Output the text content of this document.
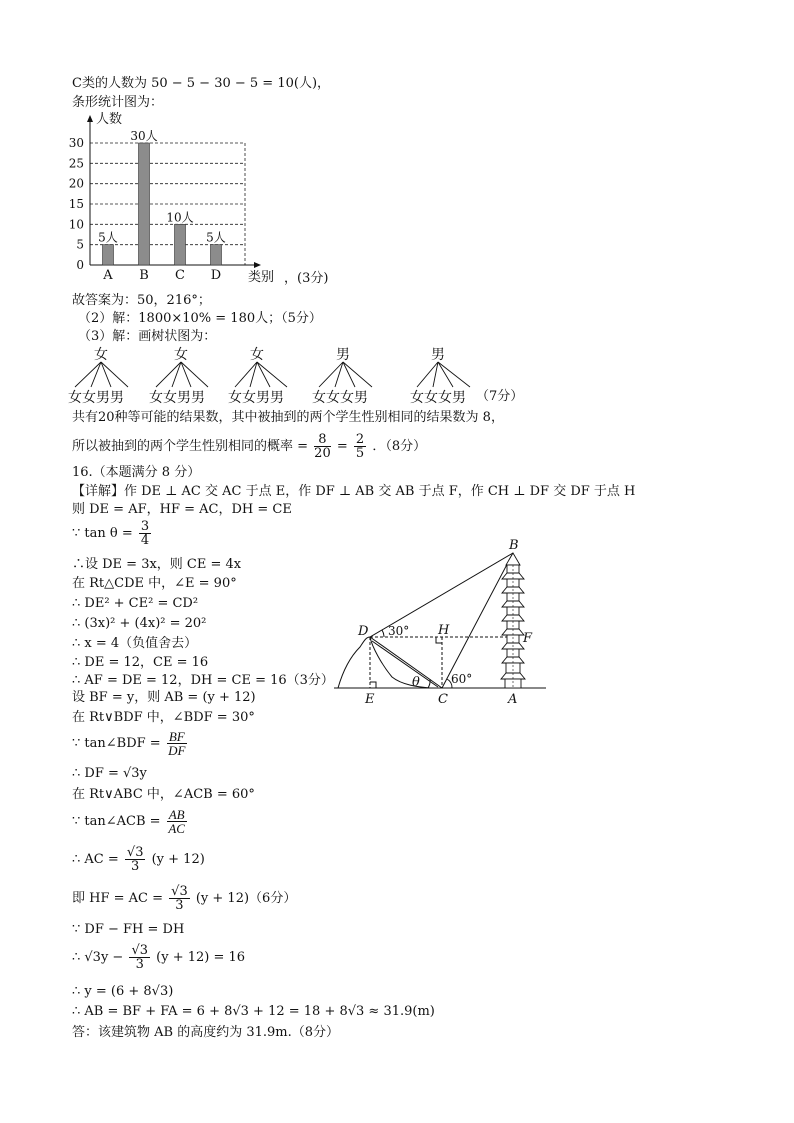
C类的人数为 50 − 5 − 30 − 5 = 10(人)，
条形统计图为：
0
5
10
15
20
25
30
人数
类别
5人
A
30人
B
10人
C
5人
D	，(3分)
故答案为：50，216°；
（2）解：1800×10% = 180人；（5分）
（3）解：画树状图为：
女	女	女	男	男
女女男男 女女男男 女女男男 女女女男	女女女男 （7分）
共有20种等可能的结果数，其中被抽到的两个学生性别相同的结果数为 8，
所以被抽到的两个学生性别相同的概率 = $\frac{8}{20} = \frac{2}{5}$ ．（8分）
16.（本题满分 8 分）
【详解】作 DE ⊥ AC 交 AC 于点 E，作 DF ⊥ AB 交 AB 于点 F，作 CH ⊥ DF 交 DF 于点 H
则 DE = AF，HF = AC，DH = CE
∵ $\tan \theta = \frac{3}{4}$
∴设 DE = 3x，则 CE = 4x
在 Rt△CDE 中，∠E = 90°
∴ DE² + CE² = CD²
∴ (3x)² + (4x)² = 20²
∴ x = 4（负值舍去）
∴ DE = 12，CE = 16
∴ AF = DE = 12，DH = CE = 16（3分）
设 BF = y，则 AB = (y + 12)
在 Rt∨BDF 中，∠BDF = 30°
∵ tan∠BDF = $\frac{BF}{DF}$
∴ DF = √3y
在 Rt∨ABC 中，∠ACB = 60°
∵ tan∠ACB = $\frac{AB}{AC}$
∴ AC = $\frac{√3}{3} (y + 12)$
即 HF = AC = $\frac{√3}{3} (y + 12)(6$分）
∵ DF − FH = DH
∴ $√3y - \frac{√3}{3} (y + 12) = 16$
∴ y = (6 + 8√3)
∴ AB = BF + FA = 6 + 8√3 + 12 = 18 + 8√3 ≈ 31.9(m)
答：该建筑物 AB 的高度约为 31.9m.（8分）
B
D	H
F
E	C	A
θ
30°
60°
